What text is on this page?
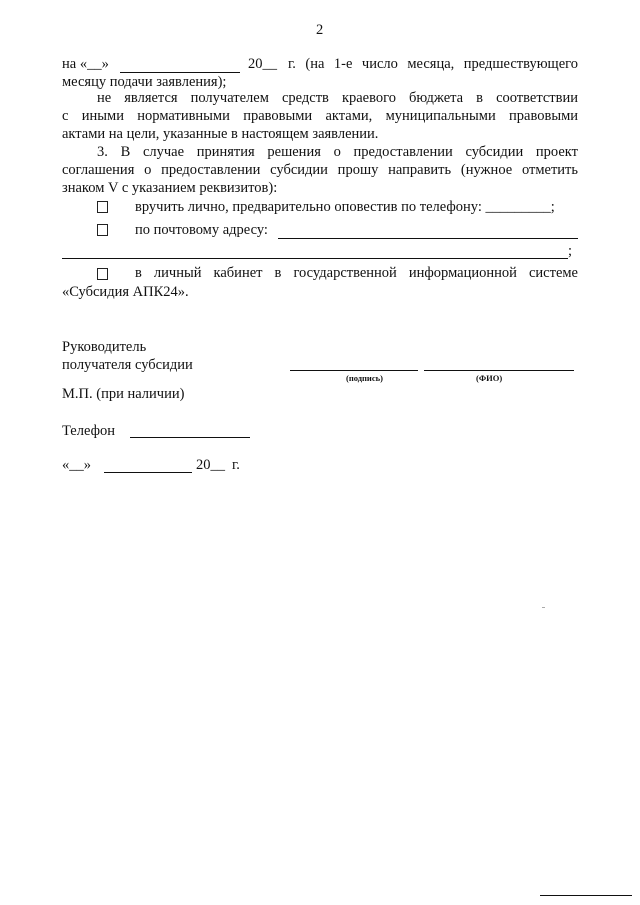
2
на «__»	20__ г. (на 1-е число месяца, предшествующего
месяцу подачи заявления);
не является получателем средств краевого бюджета в соответствии
с иными нормативными правовыми актами, муниципальными правовыми
актами на цели, указанные в настоящем заявлении.
3. В случае принятия решения о предоставлении субсидии проект
соглашения о предоставлении субсидии прошу направить (нужное отметить
знаком V с указанием реквизитов):
вручить лично, предварительно оповестив по телефону: _________;
по почтовому адресу:
;
в личный кабинет в государственной информационной системе
«Субсидия АПК24».
Руководитель
получателя субсидии
(подпись)	(ФИО)
М.П. (при наличии)
Телефон
«__»	20__ г.
